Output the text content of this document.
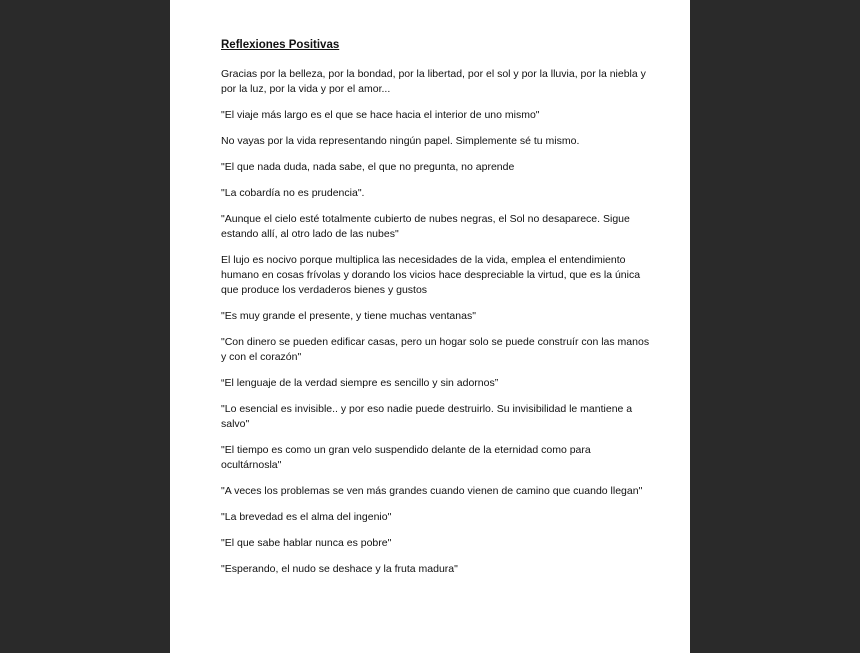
Reflexiones Positivas
Gracias por la belleza, por la bondad, por la libertad, por el sol y por la lluvia, por la niebla y por la luz, por la vida y por el amor...
"El viaje más largo es el que se hace hacia el interior de uno mismo"
No vayas por la vida representando ningún papel. Simplemente sé tu mismo.
"El que nada duda, nada sabe, el que no pregunta, no aprende
"La cobardía no es prudencia".
"Aunque el cielo esté totalmente cubierto de nubes negras, el Sol no desaparece. Sigue estando allí, al otro lado de las nubes"
El lujo es nocivo porque multiplica las necesidades de la vida, emplea el entendimiento humano en cosas frívolas y dorando los vicios hace despreciable la virtud, que es la única que produce los verdaderos bienes y gustos
"Es muy grande el presente, y tiene muchas ventanas"
"Con dinero se pueden edificar casas, pero un hogar solo se puede construír con las manos y con el corazón"
“El lenguaje de la verdad siempre es sencillo y sin adornos”
"Lo esencial es invisible.. y por eso nadie puede destruirlo. Su invisibilidad le mantiene a salvo"
"El tiempo es como un gran velo suspendido delante de la eternidad como para ocultárnosla"
"A veces los problemas se ven más grandes cuando vienen de camino que cuando llegan"
"La brevedad es el alma del ingenio"
"El que sabe hablar nunca es pobre"
"Esperando, el nudo se deshace y la fruta madura"
